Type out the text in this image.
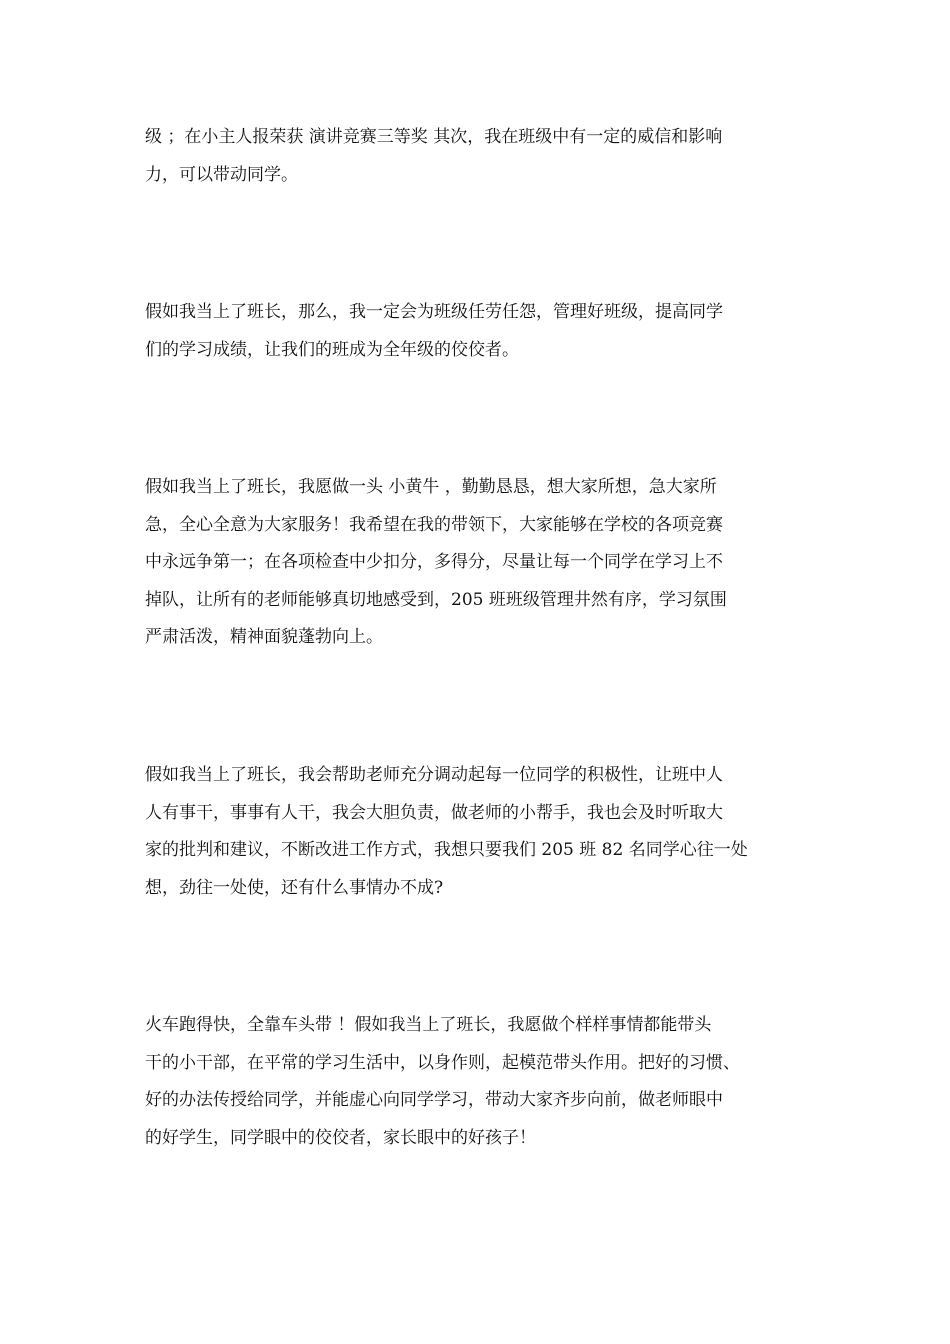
级 ；在小主人报荣获 演讲竞赛三等奖 其次，我在班级中有一定的威信和影响
力，可以带动同学。

假如我当上了班长，那么，我一定会为班级任劳任怨，管理好班级，提高同学
们的学习成绩，让我们的班成为全年级的佼佼者。

假如我当上了班长，我愿做一头 小黄牛 ，勤勤恳恳，想大家所想，急大家所
急，全心全意为大家服务！我希望在我的带领下，大家能够在学校的各项竞赛
中永远争第一；在各项检查中少扣分，多得分，尽量让每一个同学在学习上不
掉队，让所有的老师能够真切地感受到，205 班班级管理井然有序，学习氛围
严肃活泼，精神面貌蓬勃向上。

假如我当上了班长，我会帮助老师充分调动起每一位同学的积极性，让班中人
人有事干，事事有人干，我会大胆负责，做老师的小帮手，我也会及时听取大
家的批判和建议，不断改进工作方式，我想只要我们 205 班 82 名同学心往一处
想，劲往一处使，还有什么事情办不成?

火车跑得快，全靠车头带 ！假如我当上了班长，我愿做个样样事情都能带头
干的小干部，在平常的学习生活中，以身作则，起模范带头作用。把好的习惯、
好的办法传授给同学，并能虚心向同学学习，带动大家齐步向前，做老师眼中
的好学生，同学眼中的佼佼者，家长眼中的好孩子！
